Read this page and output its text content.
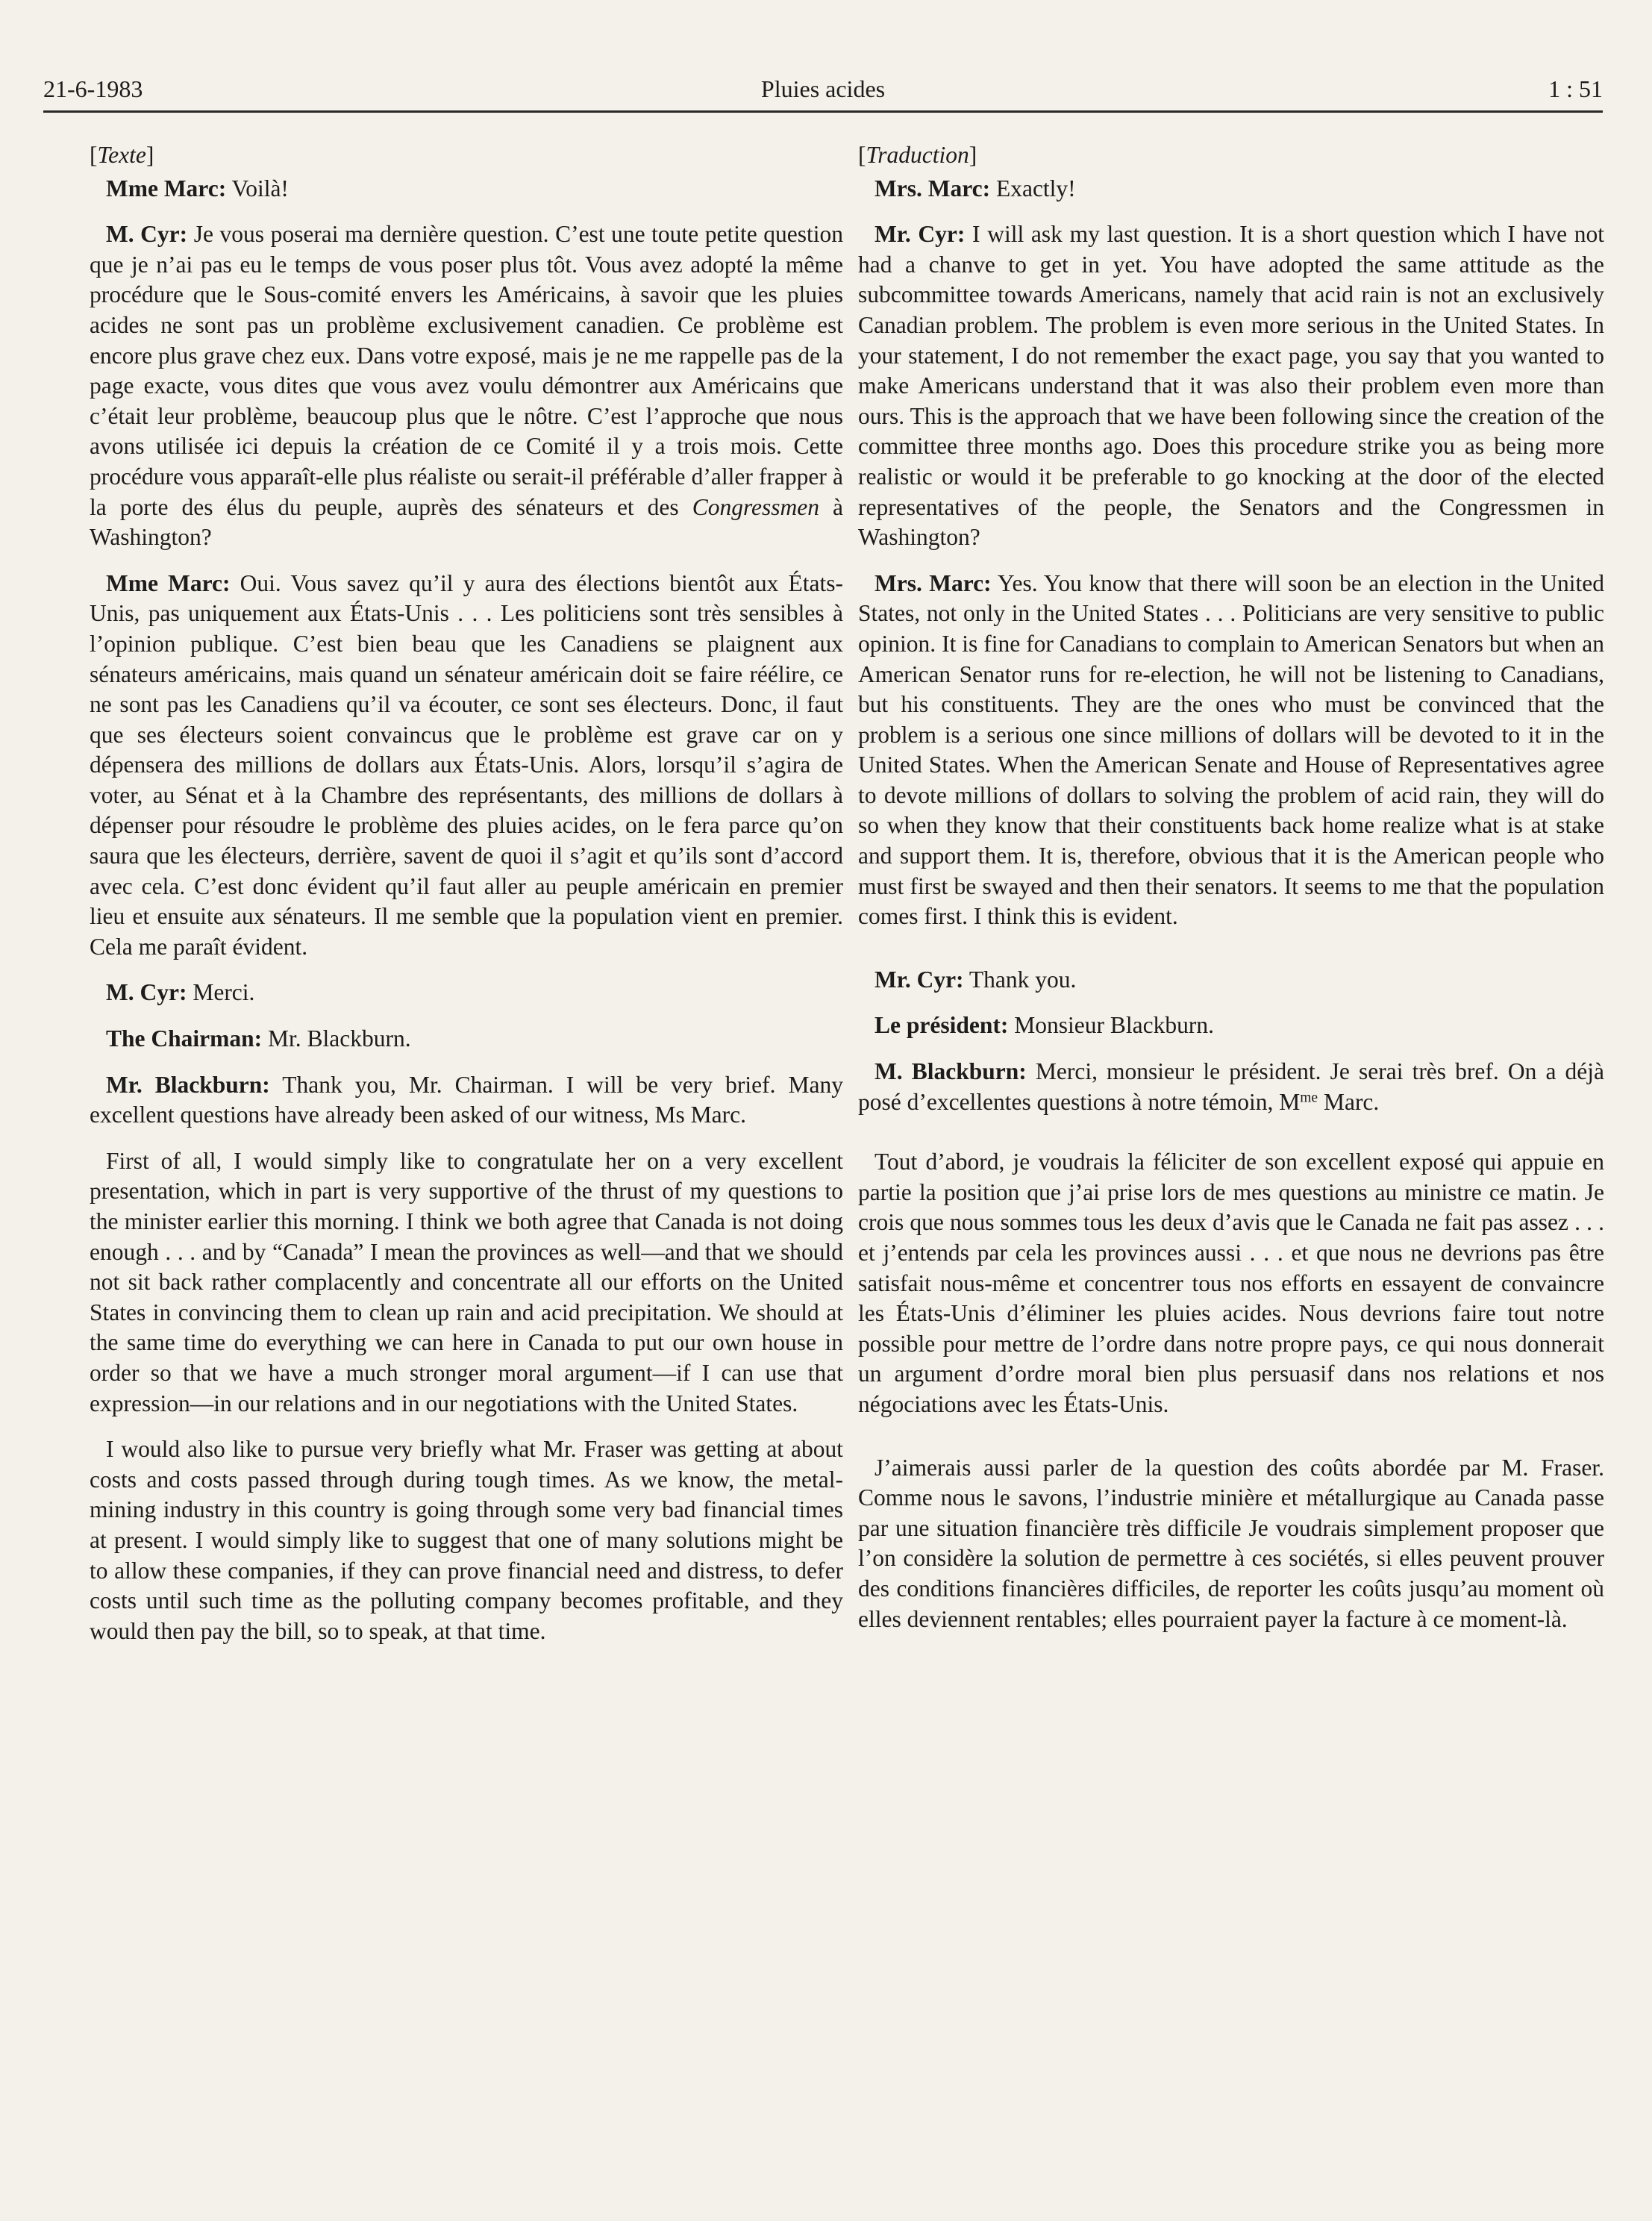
21-6-1983	Pluies acides	1 : 51

[Texte]

Mme Marc: Voilà!

M. Cyr: Je vous poserai ma dernière question. C’est une toute petite question que je n’ai pas eu le temps de vous poser plus tôt. Vous avez adopté la même procédure que le Sous-comité envers les Américains, à savoir que les pluies acides ne sont pas un problème exclusivement canadien. Ce problème est encore plus grave chez eux. Dans votre exposé, mais je ne me rappelle pas de la page exacte, vous dites que vous avez voulu démontrer aux Américains que c’était leur problème, beaucoup plus que le nôtre. C’est l’approche que nous avons utilisée ici depuis la création de ce Comité il y a trois mois. Cette procédure vous apparaît-elle plus réaliste ou serait-il préférable d’aller frapper à la porte des élus du peuple, auprès des sénateurs et des Congressmen à Washington?

Mme Marc: Oui. Vous savez qu’il y aura des élections bientôt aux États-Unis, pas uniquement aux États-Unis . . . Les politiciens sont très sensibles à l’opinion publique. C’est bien beau que les Canadiens se plaignent aux sénateurs américains, mais quand un sénateur américain doit se faire réélire, ce ne sont pas les Canadiens qu’il va écouter, ce sont ses électeurs. Donc, il faut que ses électeurs soient convaincus que le problème est grave car on y dépensera des millions de dollars aux États-Unis. Alors, lorsqu’il s’agira de voter, au Sénat et à la Chambre des représentants, des millions de dollars à dépenser pour résoudre le problème des pluies acides, on le fera parce qu’on saura que les électeurs, derrière, savent de quoi il s’agit et qu’ils sont d’accord avec cela. C’est donc évident qu’il faut aller au peuple américain en premier lieu et ensuite aux sénateurs. Il me semble que la population vient en premier. Cela me paraît évident.

M. Cyr: Merci.

The Chairman: Mr. Blackburn.

Mr. Blackburn: Thank you, Mr. Chairman. I will be very brief. Many excellent questions have already been asked of our witness, Ms Marc.

First of all, I would simply like to congratulate her on a very excellent presentation, which in part is very supportive of the thrust of my questions to the minister earlier this morning. I think we both agree that Canada is not doing enough . . . and by “Canada” I mean the provinces as well—and that we should not sit back rather complacently and concentrate all our efforts on the United States in convincing them to clean up rain and acid precipitation. We should at the same time do everything we can here in Canada to put our own house in order so that we have a much stronger moral argument—if I can use that expression—in our relations and in our negotiations with the United States.

I would also like to pursue very briefly what Mr. Fraser was getting at about costs and costs passed through during tough times. As we know, the metal-mining industry in this country is going through some very bad financial times at present. I would simply like to suggest that one of many solutions might be to allow these companies, if they can prove financial need and distress, to defer costs until such time as the polluting company becomes profitable, and they would then pay the bill, so to speak, at that time.

[Traduction]

Mrs. Marc: Exactly!

Mr. Cyr: I will ask my last question. It is a short question which I have not had a chanve to get in yet. You have adopted the same attitude as the subcommittee towards Americans, namely that acid rain is not an exclusively Canadian problem. The problem is even more serious in the United States. In your statement, I do not remember the exact page, you say that you wanted to make Americans understand that it was also their problem even more than ours. This is the approach that we have been following since the creation of the committee three months ago. Does this procedure strike you as being more realistic or would it be preferable to go knocking at the door of the elected representatives of the people, the Senators and the Congressmen in Washington?

Mrs. Marc: Yes. You know that there will soon be an election in the United States, not only in the United States . . . Politicians are very sensitive to public opinion. It is fine for Canadians to complain to American Senators but when an American Senator runs for re-election, he will not be listening to Canadians, but his constituents. They are the ones who must be convinced that the problem is a serious one since millions of dollars will be devoted to it in the United States. When the American Senate and House of Representatives agree to devote millions of dollars to solving the problem of acid rain, they will do so when they know that their constituents back home realize what is at stake and support them. It is, therefore, obvious that it is the American people who must first be swayed and then their senators. It seems to me that the population comes first. I think this is evident.

Mr. Cyr: Thank you.

Le président: Monsieur Blackburn.

M. Blackburn: Merci, monsieur le président. Je serai très bref. On a déjà posé d’excellentes questions à notre témoin, $M^{me}$ Marc.

Tout d’abord, je voudrais la féliciter de son excellent exposé qui appuie en partie la position que j’ai prise lors de mes questions au ministre ce matin. Je crois que nous sommes tous les deux d’avis que le Canada ne fait pas assez . . . et j’entends par cela les provinces aussi . . . et que nous ne devrions pas être satisfait nous-même et concentrer tous nos efforts en essayent de convaincre les États-Unis d’éliminer les pluies acides. Nous devrions faire tout notre possible pour mettre de l’ordre dans notre propre pays, ce qui nous donnerait un argument d’ordre moral bien plus persuasif dans nos relations et nos négociations avec les États-Unis.

J’aimerais aussi parler de la question des coûts abordée par M. Fraser. Comme nous le savons, l’industrie minière et métallurgique au Canada passe par une situation financière très difficile Je voudrais simplement proposer que l’on considère la solution de permettre à ces sociétés, si elles peuvent prouver des conditions financières difficiles, de reporter les coûts jusqu’au moment où elles deviennent rentables; elles pourraient payer la facture à ce moment-là.
